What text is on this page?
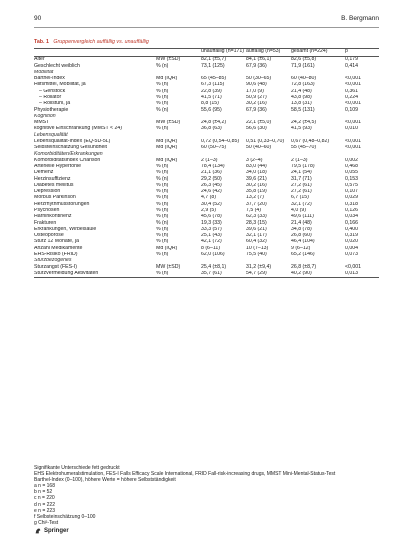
90	B. Bergmann
Tab. 1 Gruppenvergleich auffällig vs. unauffällig
		unauffällig (n=171)	auffällig (n=53)	gesamt (n=224)	p
Alter	MW (±SD)	82,1 (±5,7)	84,1 (±6,1)	82,6 (±5,8)	0,179
Geschlecht weiblich	% (n)	73,1 (125)	67,9 (36)	71,9 (161)	0,414
Mobilität					
Barthel-Index	Md (IQR)	65 (45–85)	50 (30–65)	60 (40–80)	<0,001
Hilfsmittel, Mobilität, ja	% (n)	67,3 (115)	90,6 (48)	72,8 (163)	<0,001
– Gehstock	% (n)	22,8 (39)	17,0 (9)	21,4 (48)	0,361
– Rollator	% (n)	41,5 (71)	50,9 (27)	43,8 (98)	0,224
– Rollstuhl, ja	% (n)	8,8 (15)	30,2 (16)	13,8 (31)	<0,001
Physiotherapie	% (n)	55,6 (95)	67,9 (36)	58,5 (131)	0,109
Kognition					
MMST	MW (±SD)	24,8 (±4,2)	22,1 (±5,0)	24,2 (±4,5)	<0,001
kognitive Einschränkung (MMST < 24)	% (n)	36,8 (63)	56,6 (30)	41,5 (93)	0,010
Lebensqualität					
Lebensqualität-Index (EQ-5D-5L)	Md (IQR)	0,72 (0,54–0,85)	0,51 (0,33–0,70)	0,67 (0,48–0,82)	<0,001
Selbsteinschätzung Gesundheit	Md (IQR)	60 (50–75)	50 (40–60)	55 (45–70)	<0,001
Komorbiditäten/Erkrankungen					
Komorbiditätsindex Charlson	Md (IQR)	2 (1–3)	3 (2–4)	2 (1–3)	0,002
Arterielle Hypertonie	% (n)	78,4 (134)	83,0 (44)	79,5 (178)	0,468
Demenz	% (n)	21,1 (36)	34,0 (18)	24,1 (54)	0,055
Herzinsuffizienz	% (n)	29,2 (50)	39,6 (21)	31,7 (71)	0,153
Diabetes mellitus	% (n)	26,3 (45)	30,2 (16)	27,2 (61)	0,575
Depression	% (n)	24,6 (42)	35,8 (19)	27,2 (61)	0,107
Morbus Parkinson	% (n)	4,7 (8)	13,2 (7)	6,7 (15)	0,029
Herzrhythmusstörungen	% (n)	30,4 (52)	37,7 (20)	32,1 (72)	0,318
Psychosen	% (n)	2,9 (5)	7,5 (4)	4,0 (9)	0,126
Harninkontinenz	% (n)	45,6 (78)	62,3 (33)	49,6 (111)	0,034
Frakturen	% (n)	19,3 (33)	28,3 (15)	21,4 (48)	0,166
Erkrankungen, Wirbelsäule	% (n)	33,3 (57)	39,6 (21)	34,8 (78)	0,400
Osteoporose	% (n)	25,1 (43)	32,1 (17)	26,8 (60)	0,319
Sturz 12 Monate, ja	% (n)	42,1 (72)	60,4 (32)	46,4 (104)	0,020
Anzahl Medikamente	Md (IQR)	8 (6–11)	10 (7–13)	9 (6–12)	0,004
EHS-Risiko (FRID)	% (n)	62,0 (106)	75,5 (40)	65,2 (146)	0,073
Sturzbezogenes					
Sturzangst (FES-I)	MW (±SD)	25,4 (±8,1)	31,2 (±9,4)	26,8 (±8,7)	<0,001
Sturzvermeidung Aktivitäten	% (n)	35,7 (61)	54,7 (29)	40,2 (90)	0,013
Signifikante Unterschiede fett gedruckt
EHS Elektrohumeralstimulation, FES-I Falls Efficacy Scale International, FRID Fall-risk-increasing drugs, MMST Mini-Mental-Status-Test
Barthel-Index (0–100), höhere Werte = höhere Selbstständigkeit
a n = 168
b n = 52
c n = 220
d n = 222
e n = 223
f Selbsteinschätzung 0–100
g Chi²-Test
Springer
